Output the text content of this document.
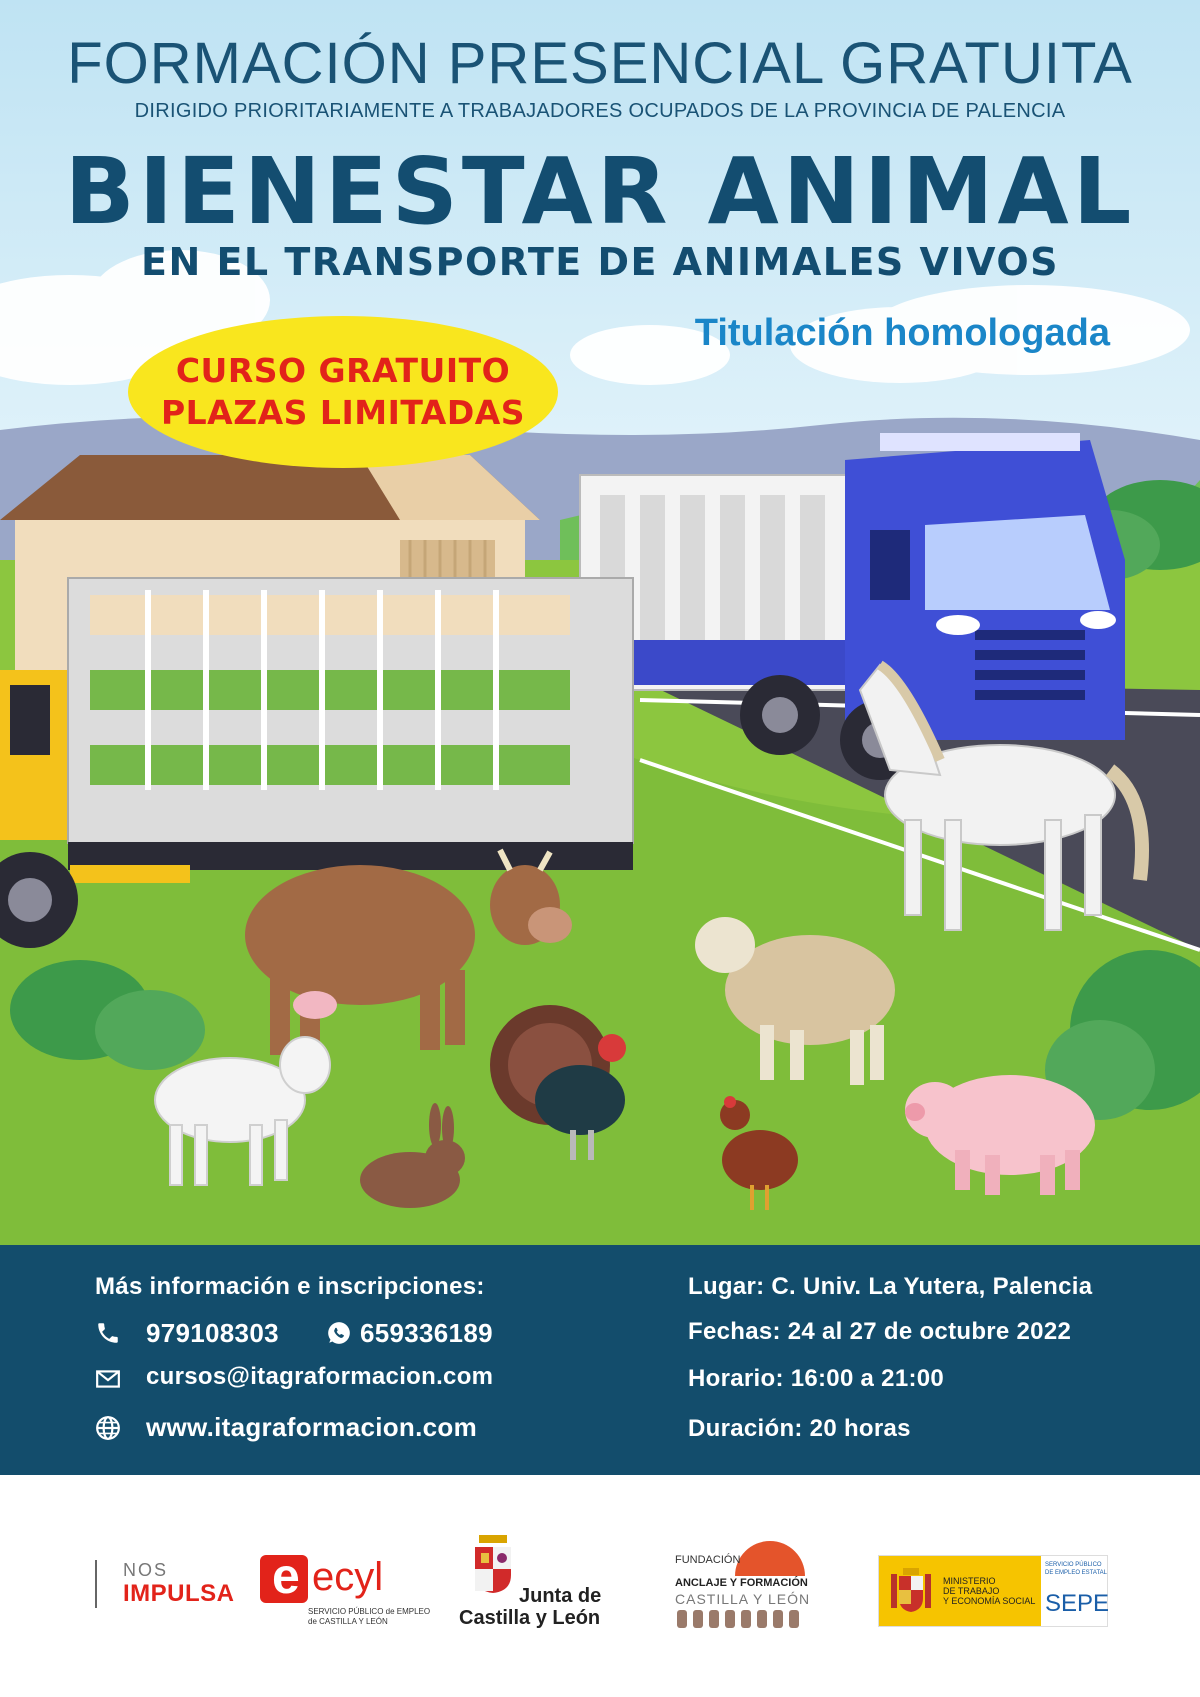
FORMACIÓN PRESENCIAL GRATUITA
DIRIGIDO PRIORITARIAMENTE A TRABAJADORES OCUPADOS DE LA PROVINCIA DE PALENCIA
BIENESTAR ANIMAL
EN EL TRANSPORTE DE ANIMALES VIVOS
Titulación homologada
CURSO GRATUITO
PLAZAS LIMITADAS
Más información e inscripciones:
979108303	659336189
cursos@itagraformacion.com
www.itagraformacion.com
Lugar: C. Univ. La Yutera, Palencia
Fechas: 24 al 27 de octubre 2022
Horario: 16:00 a 21:00
Duración: 20 horas
NOS
IMPULSA e ecyl
SERVICIO PÚBLICO de EMPLEO
de CASTILLA Y LEÓN
Junta de
Castilla y León
FUNDACIÓN
ANCLAJE Y FORMACIÓN
CASTILLA Y LEÓN
MINISTERIO
DE TRABAJO
Y ECONOMÍA SOCIAL
SERVICIO PÚBLICO
DE EMPLEO ESTATAL
SEPE
